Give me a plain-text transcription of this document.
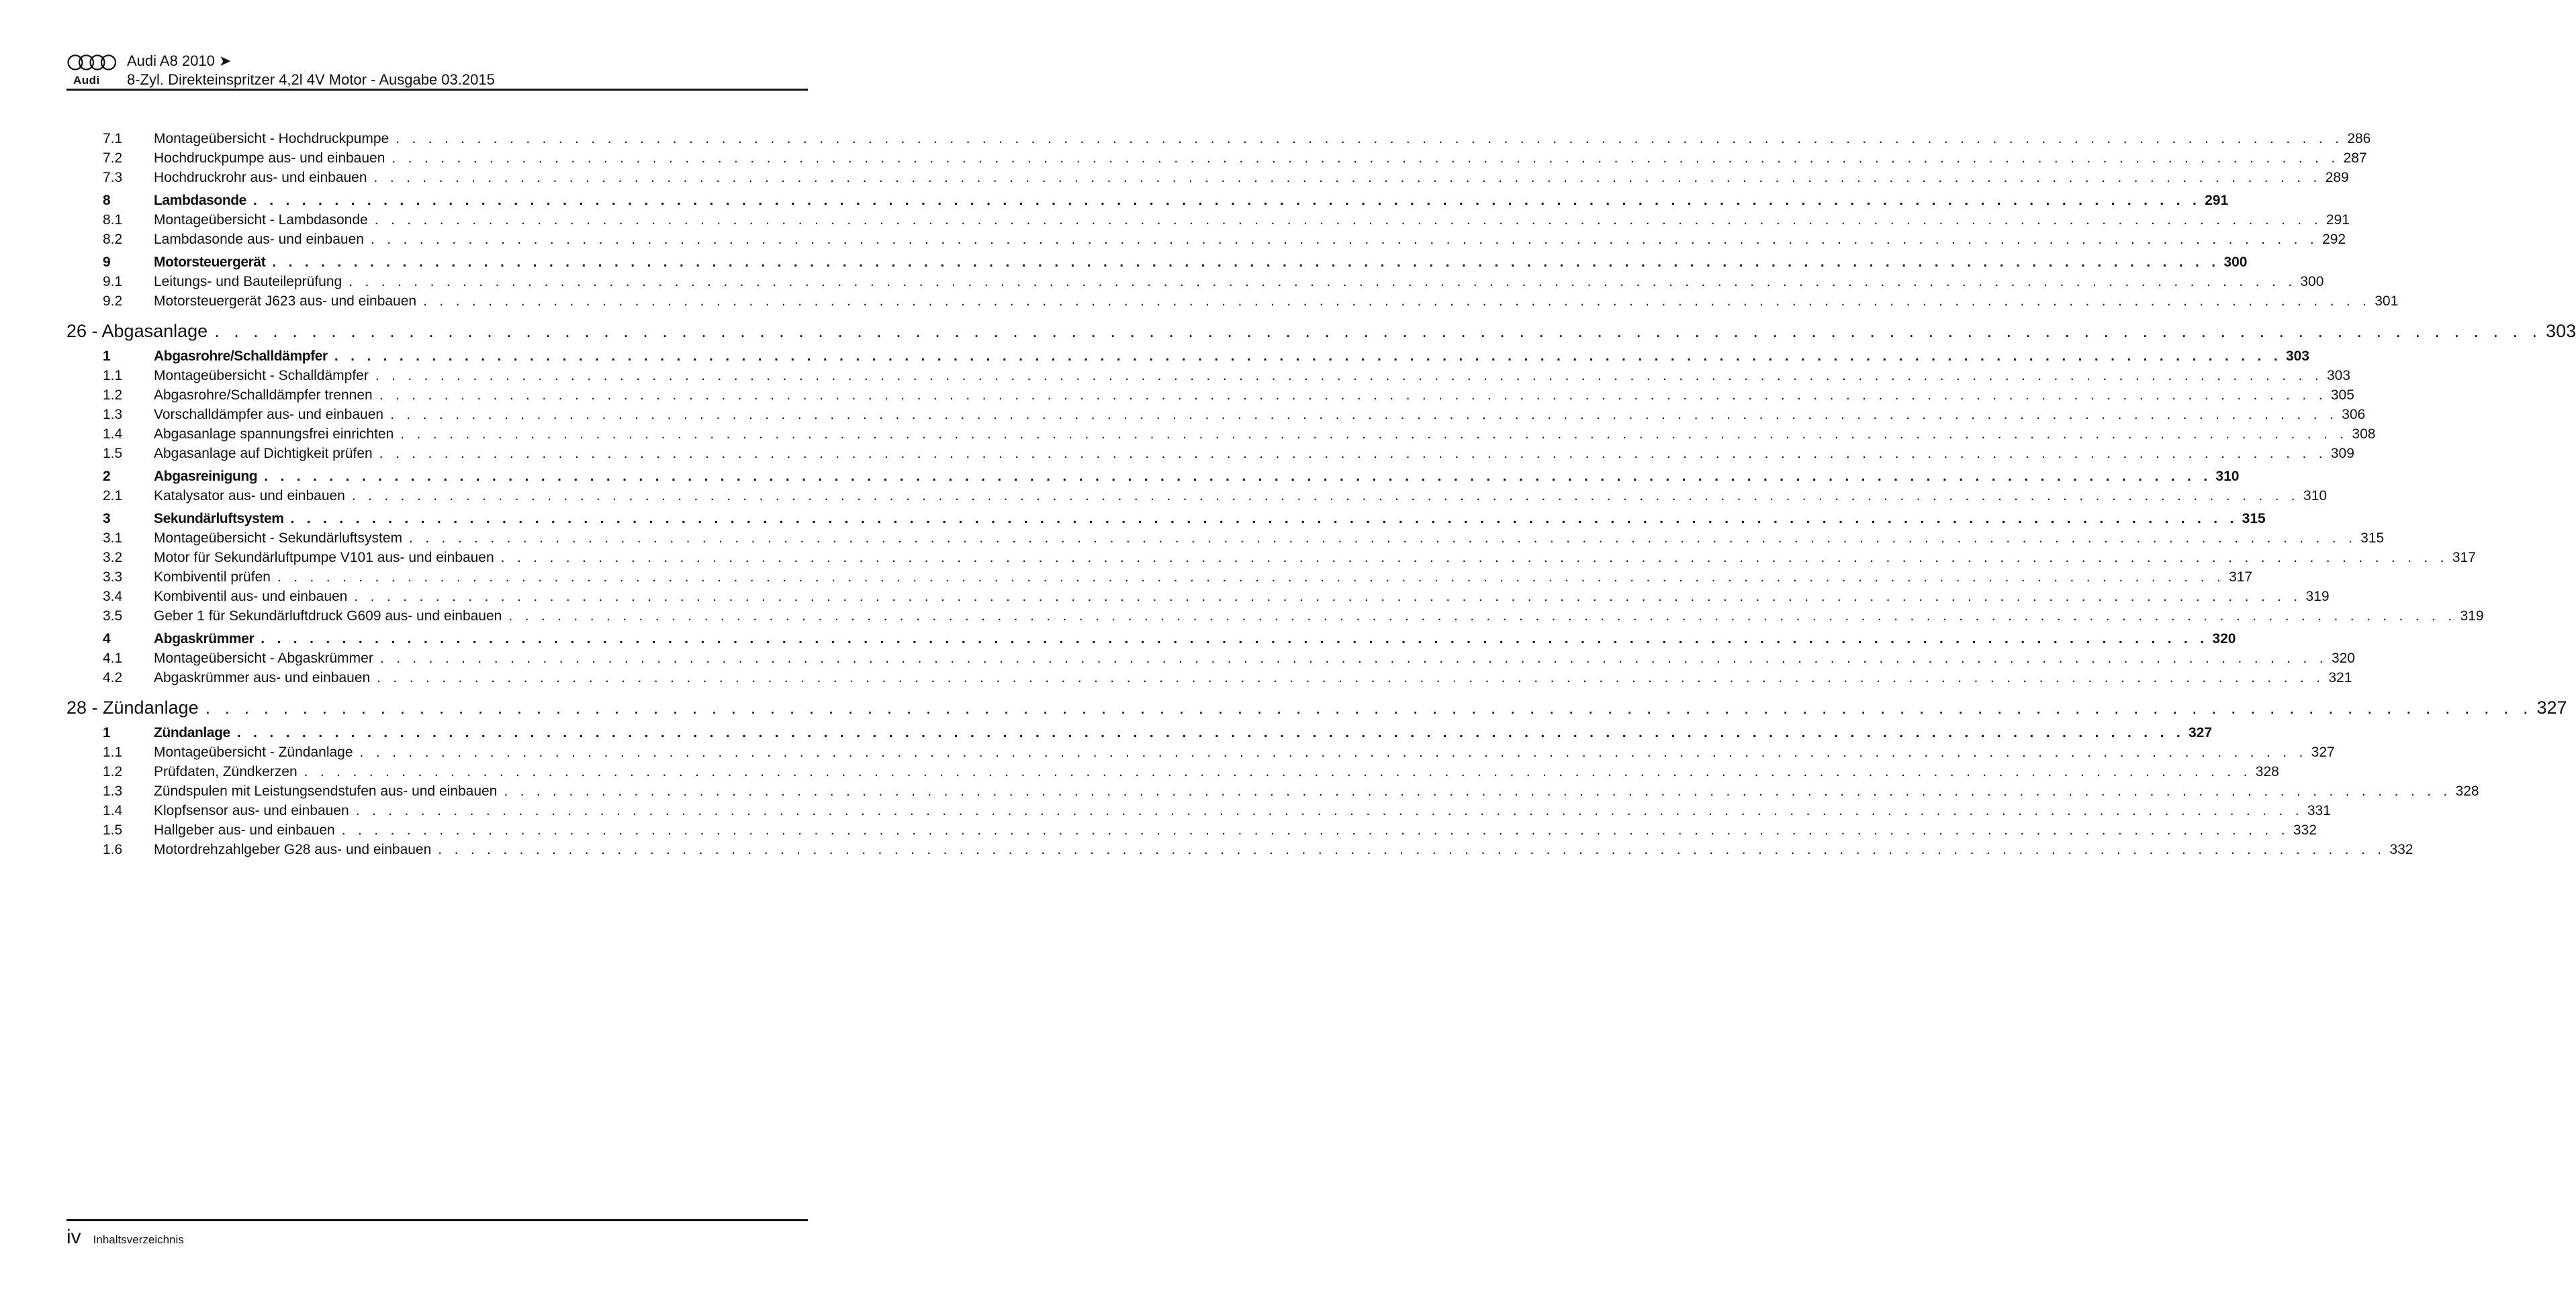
Audi
Audi A8 2010 ➤
8-Zyl. Direkteinspritzer 4,2l 4V Motor - Ausgabe 03.2015
7.1	Montageübersicht - Hochdruckpumpe . . . . . . . . . . . . . . . . . . . . . . . . . . . . . . . . . . . . . . . . . . . . . . . . . . . . . . . . . . . . . . . . . . . . . . . . . . . . . . . . . . . . . . . . . . . . . . . . . . . . . . . . . . . . . . . . . . . . . . . . 286
7.2	Hochdruckpumpe aus- und einbauen . . . . . . . . . . . . . . . . . . . . . . . . . . . . . . . . . . . . . . . . . . . . . . . . . . . . . . . . . . . . . . . . . . . . . . . . . . . . . . . . . . . . . . . . . . . . . . . . . . . . . . . . . . . . . . . . . . . . . . . . 287
7.3	Hochdruckrohr aus- und einbauen . . . . . . . . . . . . . . . . . . . . . . . . . . . . . . . . . . . . . . . . . . . . . . . . . . . . . . . . . . . . . . . . . . . . . . . . . . . . . . . . . . . . . . . . . . . . . . . . . . . . . . . . . . . . . . . . . . . . . . . . 289
8	Lambdasonde . . . . . . . . . . . . . . . . . . . . . . . . . . . . . . . . . . . . . . . . . . . . . . . . . . . . . . . . . . . . . . . . . . . . . . . . . . . . . . . . . . . . . . . . . . . . . . . . . . . . . . . . . . . . . . . . . . . . . . . . 291
8.1	Montageübersicht - Lambdasonde . . . . . . . . . . . . . . . . . . . . . . . . . . . . . . . . . . . . . . . . . . . . . . . . . . . . . . . . . . . . . . . . . . . . . . . . . . . . . . . . . . . . . . . . . . . . . . . . . . . . . . . . . . . . . . . . . . . . . . . . 291
8.2	Lambdasonde aus- und einbauen . . . . . . . . . . . . . . . . . . . . . . . . . . . . . . . . . . . . . . . . . . . . . . . . . . . . . . . . . . . . . . . . . . . . . . . . . . . . . . . . . . . . . . . . . . . . . . . . . . . . . . . . . . . . . . . . . . . . . . . . 292
9	Motorsteuergerät . . . . . . . . . . . . . . . . . . . . . . . . . . . . . . . . . . . . . . . . . . . . . . . . . . . . . . . . . . . . . . . . . . . . . . . . . . . . . . . . . . . . . . . . . . . . . . . . . . . . . . . . . . . . . . . . . . . . . . . . 300
9.1	Leitungs- und Bauteileprüfung . . . . . . . . . . . . . . . . . . . . . . . . . . . . . . . . . . . . . . . . . . . . . . . . . . . . . . . . . . . . . . . . . . . . . . . . . . . . . . . . . . . . . . . . . . . . . . . . . . . . . . . . . . . . . . . . . . . . . . . . 300
9.2	Motorsteuergerät J623 aus- und einbauen . . . . . . . . . . . . . . . . . . . . . . . . . . . . . . . . . . . . . . . . . . . . . . . . . . . . . . . . . . . . . . . . . . . . . . . . . . . . . . . . . . . . . . . . . . . . . . . . . . . . . . . . . . . . . . . . . . . . . . . . 301
26 - Abgasanlage . . . . . . . . . . . . . . . . . . . . . . . . . . . . . . . . . . . . . . . . . . . . . . . . . . . . . . . . . . . . . . . . . . . . . . . . . . . . . . . . . . . . . . . . . . . . . . . . . . . . . . . . . . . . . . . . . . . . . . . . 303
1	Abgasrohre/Schalldämpfer . . . . . . . . . . . . . . . . . . . . . . . . . . . . . . . . . . . . . . . . . . . . . . . . . . . . . . . . . . . . . . . . . . . . . . . . . . . . . . . . . . . . . . . . . . . . . . . . . . . . . . . . . . . . . . . . . . . . . . . . 303
1.1	Montageübersicht - Schalldämpfer . . . . . . . . . . . . . . . . . . . . . . . . . . . . . . . . . . . . . . . . . . . . . . . . . . . . . . . . . . . . . . . . . . . . . . . . . . . . . . . . . . . . . . . . . . . . . . . . . . . . . . . . . . . . . . . . . . . . . . . . 303
1.2	Abgasrohre/Schalldämpfer trennen . . . . . . . . . . . . . . . . . . . . . . . . . . . . . . . . . . . . . . . . . . . . . . . . . . . . . . . . . . . . . . . . . . . . . . . . . . . . . . . . . . . . . . . . . . . . . . . . . . . . . . . . . . . . . . . . . . . . . . . . 305
1.3	Vorschalldämpfer aus- und einbauen . . . . . . . . . . . . . . . . . . . . . . . . . . . . . . . . . . . . . . . . . . . . . . . . . . . . . . . . . . . . . . . . . . . . . . . . . . . . . . . . . . . . . . . . . . . . . . . . . . . . . . . . . . . . . . . . . . . . . . . . 306
1.4	Abgasanlage spannungsfrei einrichten . . . . . . . . . . . . . . . . . . . . . . . . . . . . . . . . . . . . . . . . . . . . . . . . . . . . . . . . . . . . . . . . . . . . . . . . . . . . . . . . . . . . . . . . . . . . . . . . . . . . . . . . . . . . . . . . . . . . . . . . 308
1.5	Abgasanlage auf Dichtigkeit prüfen . . . . . . . . . . . . . . . . . . . . . . . . . . . . . . . . . . . . . . . . . . . . . . . . . . . . . . . . . . . . . . . . . . . . . . . . . . . . . . . . . . . . . . . . . . . . . . . . . . . . . . . . . . . . . . . . . . . . . . . . 309
2	Abgasreinigung . . . . . . . . . . . . . . . . . . . . . . . . . . . . . . . . . . . . . . . . . . . . . . . . . . . . . . . . . . . . . . . . . . . . . . . . . . . . . . . . . . . . . . . . . . . . . . . . . . . . . . . . . . . . . . . . . . . . . . . . 310
2.1	Katalysator aus- und einbauen . . . . . . . . . . . . . . . . . . . . . . . . . . . . . . . . . . . . . . . . . . . . . . . . . . . . . . . . . . . . . . . . . . . . . . . . . . . . . . . . . . . . . . . . . . . . . . . . . . . . . . . . . . . . . . . . . . . . . . . . 310
3	Sekundärluftsystem . . . . . . . . . . . . . . . . . . . . . . . . . . . . . . . . . . . . . . . . . . . . . . . . . . . . . . . . . . . . . . . . . . . . . . . . . . . . . . . . . . . . . . . . . . . . . . . . . . . . . . . . . . . . . . . . . . . . . . . . 315
3.1	Montageübersicht - Sekundärluftsystem . . . . . . . . . . . . . . . . . . . . . . . . . . . . . . . . . . . . . . . . . . . . . . . . . . . . . . . . . . . . . . . . . . . . . . . . . . . . . . . . . . . . . . . . . . . . . . . . . . . . . . . . . . . . . . . . . . . . . . . . 315
3.2	Motor für Sekundärluftpumpe V101 aus- und einbauen . . . . . . . . . . . . . . . . . . . . . . . . . . . . . . . . . . . . . . . . . . . . . . . . . . . . . . . . . . . . . . . . . . . . . . . . . . . . . . . . . . . . . . . . . . . . . . . . . . . . . . . . . . . . . . . . . . . . . . . . 317
3.3	Kombiventil prüfen . . . . . . . . . . . . . . . . . . . . . . . . . . . . . . . . . . . . . . . . . . . . . . . . . . . . . . . . . . . . . . . . . . . . . . . . . . . . . . . . . . . . . . . . . . . . . . . . . . . . . . . . . . . . . . . . . . . . . . . . 317
3.4	Kombiventil aus- und einbauen . . . . . . . . . . . . . . . . . . . . . . . . . . . . . . . . . . . . . . . . . . . . . . . . . . . . . . . . . . . . . . . . . . . . . . . . . . . . . . . . . . . . . . . . . . . . . . . . . . . . . . . . . . . . . . . . . . . . . . . . 319
3.5	Geber 1 für Sekundärluftdruck G609 aus- und einbauen . . . . . . . . . . . . . . . . . . . . . . . . . . . . . . . . . . . . . . . . . . . . . . . . . . . . . . . . . . . . . . . . . . . . . . . . . . . . . . . . . . . . . . . . . . . . . . . . . . . . . . . . . . . . . . . . . . . . . . . . 319
4	Abgaskrümmer . . . . . . . . . . . . . . . . . . . . . . . . . . . . . . . . . . . . . . . . . . . . . . . . . . . . . . . . . . . . . . . . . . . . . . . . . . . . . . . . . . . . . . . . . . . . . . . . . . . . . . . . . . . . . . . . . . . . . . . . 320
4.1	Montageübersicht - Abgaskrümmer . . . . . . . . . . . . . . . . . . . . . . . . . . . . . . . . . . . . . . . . . . . . . . . . . . . . . . . . . . . . . . . . . . . . . . . . . . . . . . . . . . . . . . . . . . . . . . . . . . . . . . . . . . . . . . . . . . . . . . . . 320
4.2	Abgaskrümmer aus- und einbauen . . . . . . . . . . . . . . . . . . . . . . . . . . . . . . . . . . . . . . . . . . . . . . . . . . . . . . . . . . . . . . . . . . . . . . . . . . . . . . . . . . . . . . . . . . . . . . . . . . . . . . . . . . . . . . . . . . . . . . . . 321
28 - Zündanlage . . . . . . . . . . . . . . . . . . . . . . . . . . . . . . . . . . . . . . . . . . . . . . . . . . . . . . . . . . . . . . . . . . . . . . . . . . . . . . . . . . . . . . . . . . . . . . . . . . . . . . . . . . . . . . . . . . . . . . . . 327
1	Zündanlage . . . . . . . . . . . . . . . . . . . . . . . . . . . . . . . . . . . . . . . . . . . . . . . . . . . . . . . . . . . . . . . . . . . . . . . . . . . . . . . . . . . . . . . . . . . . . . . . . . . . . . . . . . . . . . . . . . . . . . . . 327
1.1	Montageübersicht - Zündanlage . . . . . . . . . . . . . . . . . . . . . . . . . . . . . . . . . . . . . . . . . . . . . . . . . . . . . . . . . . . . . . . . . . . . . . . . . . . . . . . . . . . . . . . . . . . . . . . . . . . . . . . . . . . . . . . . . . . . . . . . 327
1.2	Prüfdaten, Zündkerzen . . . . . . . . . . . . . . . . . . . . . . . . . . . . . . . . . . . . . . . . . . . . . . . . . . . . . . . . . . . . . . . . . . . . . . . . . . . . . . . . . . . . . . . . . . . . . . . . . . . . . . . . . . . . . . . . . . . . . . . . 328
1.3	Zündspulen mit Leistungsendstufen aus- und einbauen . . . . . . . . . . . . . . . . . . . . . . . . . . . . . . . . . . . . . . . . . . . . . . . . . . . . . . . . . . . . . . . . . . . . . . . . . . . . . . . . . . . . . . . . . . . . . . . . . . . . . . . . . . . . . . . . . . . . . . . . 328
1.4	Klopfsensor aus- und einbauen . . . . . . . . . . . . . . . . . . . . . . . . . . . . . . . . . . . . . . . . . . . . . . . . . . . . . . . . . . . . . . . . . . . . . . . . . . . . . . . . . . . . . . . . . . . . . . . . . . . . . . . . . . . . . . . . . . . . . . . . 331
1.5	Hallgeber aus- und einbauen . . . . . . . . . . . . . . . . . . . . . . . . . . . . . . . . . . . . . . . . . . . . . . . . . . . . . . . . . . . . . . . . . . . . . . . . . . . . . . . . . . . . . . . . . . . . . . . . . . . . . . . . . . . . . . . . . . . . . . . . 332
1.6	Motordrehzahlgeber G28 aus- und einbauen . . . . . . . . . . . . . . . . . . . . . . . . . . . . . . . . . . . . . . . . . . . . . . . . . . . . . . . . . . . . . . . . . . . . . . . . . . . . . . . . . . . . . . . . . . . . . . . . . . . . . . . . . . . . . . . . . . . . . . . . 332
iv Inhaltsverzeichnis
